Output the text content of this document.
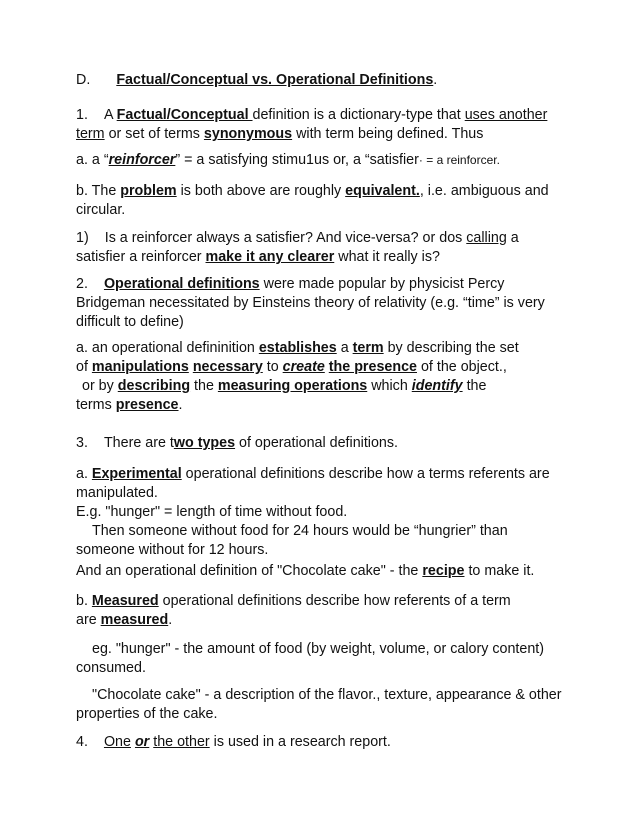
D. Factual/Conceptual vs. Operational Definitions.

1. A Factual/Conceptual definition is a dictionary-type that uses another
term or set of terms synonymous with term being defined. Thus

a. a “reinforcer” = a satisfying stimu1us or, a “satisfier· = a reinforcer.

b. The problem is both above are roughly equivalent., i.e. ambiguous and
circular.

1) Is a reinforcer always a satisfier? And vice-versa? or dos calling a
satisfier a reinforcer make it any clearer what it really is?

2. Operational definitions were made popular by physicist Percy
Bridgeman necessitated by Einsteins theory of relativity (e.g. “time” is very
difficult to define)

a. an operational defininition establishes a term by describing the set
of manipulations necessary to create the presence of the object.,
or by describing the measuring operations which identify the
terms presence.

3. There are two types of operational definitions.

a. Experimental operational definitions describe how a terms referents are
manipulated.
E.g. "hunger" = length of time without food.
Then someone without food for 24 hours would be “hungrier” than
someone without for 12 hours.

And an operational definition of "Chocolate cake" - the recipe to make it.

b. Measured operational definitions describe how referents of a term
are measured.

eg. "hunger" - the amount of food (by weight, volume, or calory content)
consumed.

"Chocolate cake" - a description of the flavor., texture, appearance & other
properties of the cake.

4. One or the other is used in a research report.
